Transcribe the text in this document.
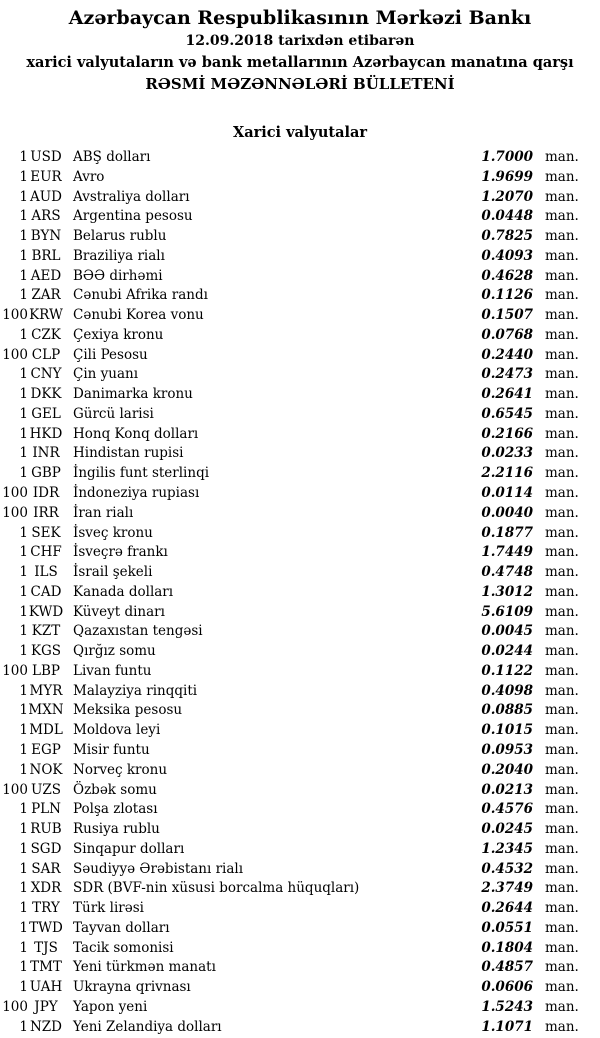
Azərbaycan Respublikasının Mərkəzi Bankı
12.09.2018 tarixdən etibarən
xarici valyutaların və bank metallarının Azərbaycan manatına qarşı
RƏSMİ MƏZƏNNƏLƏRİ BÜLLETENİ
Xarici valyutalar
1 USD ABŞ dolları	1.7000 man.
1 EUR Avro	1.9699 man.
1 AUD Avstraliya dolları	1.2070 man.
1 ARS Argentina pesosu	0.0448 man.
1 BYN Belarus rublu	0.7825 man.
1 BRL Braziliya rialı	0.4093 man.
1 AED BƏƏ dirhəmi	0.4628 man.
1 ZAR Cənubi Afrika randı	0.1126 man.
100 KRW Cənubi Korea vonu	0.1507 man.
1 CZK Çexiya kronu	0.0768 man.
100 CLP Çili Pesosu	0.2440 man.
1 CNY Çin yuanı	0.2473 man.
1 DKK Danimarka kronu	0.2641 man.
1 GEL Gürcü larisi	0.6545 man.
1 HKD Honq Konq dolları	0.2166 man.
1 INR Hindistan rupisi	0.0233 man.
1 GBP İngilis funt sterlinqi	2.2116 man.
100 IDR	İndoneziya rupiası	0.0114 man.
100 IRR	İran rialı	0.0040 man.
1 SEK İsveç kronu	0.1877 man.
1 CHF İsveçrə frankı	1.7449 man.
1 ILS	İsrail şekeli	0.4748 man.
1 CAD Kanada dolları	1.3012 man.
1 KWD Küveyt dinarı	5.6109 man.
1 KZT Qazaxıstan tengəsi	0.0045 man.
1 KGS Qırğız somu	0.0244 man.
100 LBP Livan funtu	0.1122 man.
1 MYR Malayziya rinqqiti	0.4098 man.
1 MXN Meksika pesosu	0.0885 man.
1 MDL Moldova leyi	0.1015 man.
1 EGP Misir funtu	0.0953 man.
1 NOK Norveç kronu	0.2040 man.
100 UZS Özbək somu	0.0213 man.
1 PLN Polşa zlotası	0.4576 man.
1 RUB Rusiya rublu	0.0245 man.
1 SGD Sinqapur dolları	1.2345 man.
1 SAR Səudiyyə Ərəbistanı rialı	0.4532 man.
1 XDR SDR (BVF-nin xüsusi borcalma hüquqları)	2.3749 man.
1 TRY Türk lirəsi	0.2644 man.
1 TWD Tayvan dolları	0.0551 man.
1 TJS	Tacik somonisi	0.1804 man.
1 TMT Yeni türkmən manatı	0.4857 man.
1 UAH Ukrayna qrivnası	0.0606 man.
100 JPY	Yapon yeni	1.5243 man.
1 NZD Yeni Zelandiya dolları	1.1071 man.
